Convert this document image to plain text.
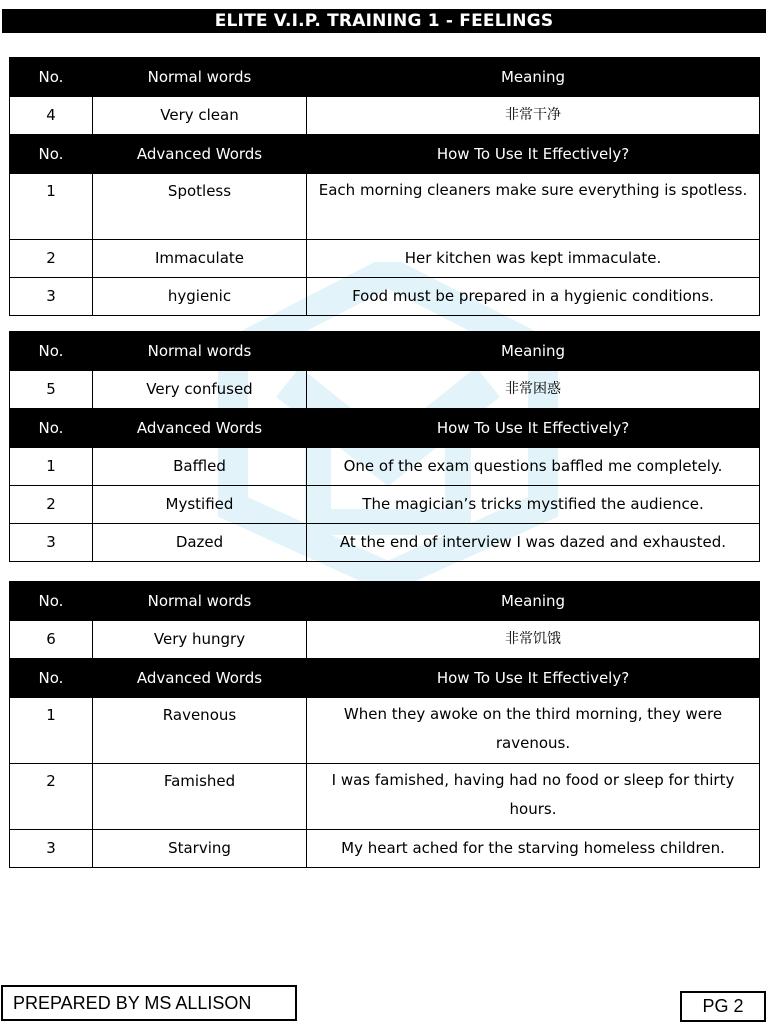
ELITE V.I.P. TRAINING 1 - FEELINGS
No.	Normal words	Meaning
4	Very clean	非常干净
No.	Advanced Words	How To Use It Effectively?
1	Spotless	Each morning cleaners make sure everything is spotless.
2	Immaculate	Her kitchen was kept immaculate.
3	hygienic	Food must be prepared in a hygienic conditions.
No.	Normal words	Meaning
5	Very confused	非常困惑
No.	Advanced Words	How To Use It Effectively?
1	Baffled	One of the exam questions baffled me completely.
2	Mystified	The magician’s tricks mystified the audience.
3	Dazed	At the end of interview I was dazed and exhausted.
No.	Normal words	Meaning
6	Very hungry	非常饥饿
No.	Advanced Words	How To Use It Effectively?
1	Ravenous	When they awoke on the third morning, they were ravenous.
2	Famished	I was famished, having had no food or sleep for thirty hours.
3	Starving	My heart ached for the starving homeless children.
PREPARED BY MS ALLISON	PG 2
